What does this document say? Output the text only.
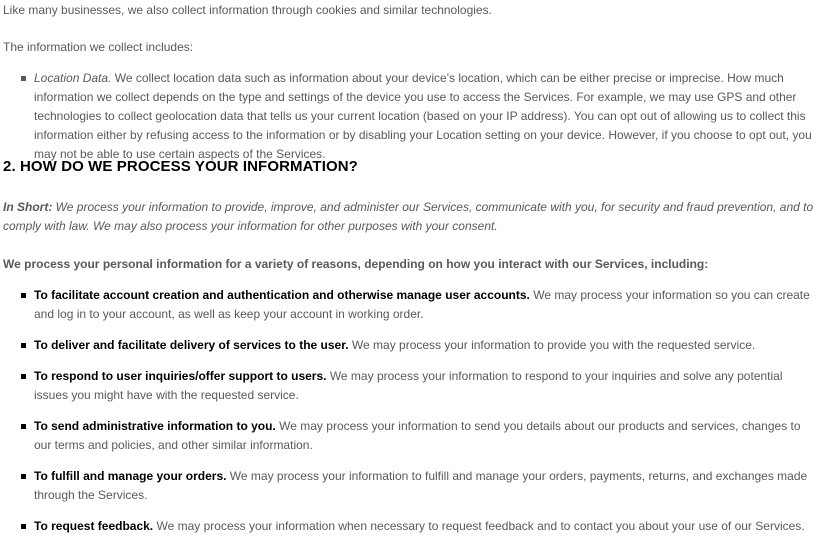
Like many businesses, we also collect information through cookies and similar technologies.

The information we collect includes:

Location Data. We collect location data such as information about your device's location, which can be either precise or imprecise. How much information we collect depends on the type and settings of the device you use to access the Services. For example, we may use GPS and other technologies to collect geolocation data that tells us your current location (based on your IP address). You can opt out of allowing us to collect this information either by refusing access to the information or by disabling your Location setting on your device. However, if you choose to opt out, you may not be able to use certain aspects of the Services.
2. HOW DO WE PROCESS YOUR INFORMATION?

In Short: We process your information to provide, improve, and administer our Services, communicate with you, for security and fraud prevention, and to comply with law. We may also process your information for other purposes with your consent.

We process your personal information for a variety of reasons, depending on how you interact with our Services, including:

To facilitate account creation and authentication and otherwise manage user accounts. We may process your information so you can create and log in to your account, as well as keep your account in working order.
To deliver and facilitate delivery of services to the user. We may process your information to provide you with the requested service.
To respond to user inquiries/offer support to users. We may process your information to respond to your inquiries and solve any potential issues you might have with the requested service.
To send administrative information to you. We may process your information to send you details about our products and services, changes to our terms and policies, and other similar information.
To fulfill and manage your orders. We may process your information to fulfill and manage your orders, payments, returns, and exchanges made through the Services.
To request feedback. We may process your information when necessary to request feedback and to contact you about your use of our Services.
